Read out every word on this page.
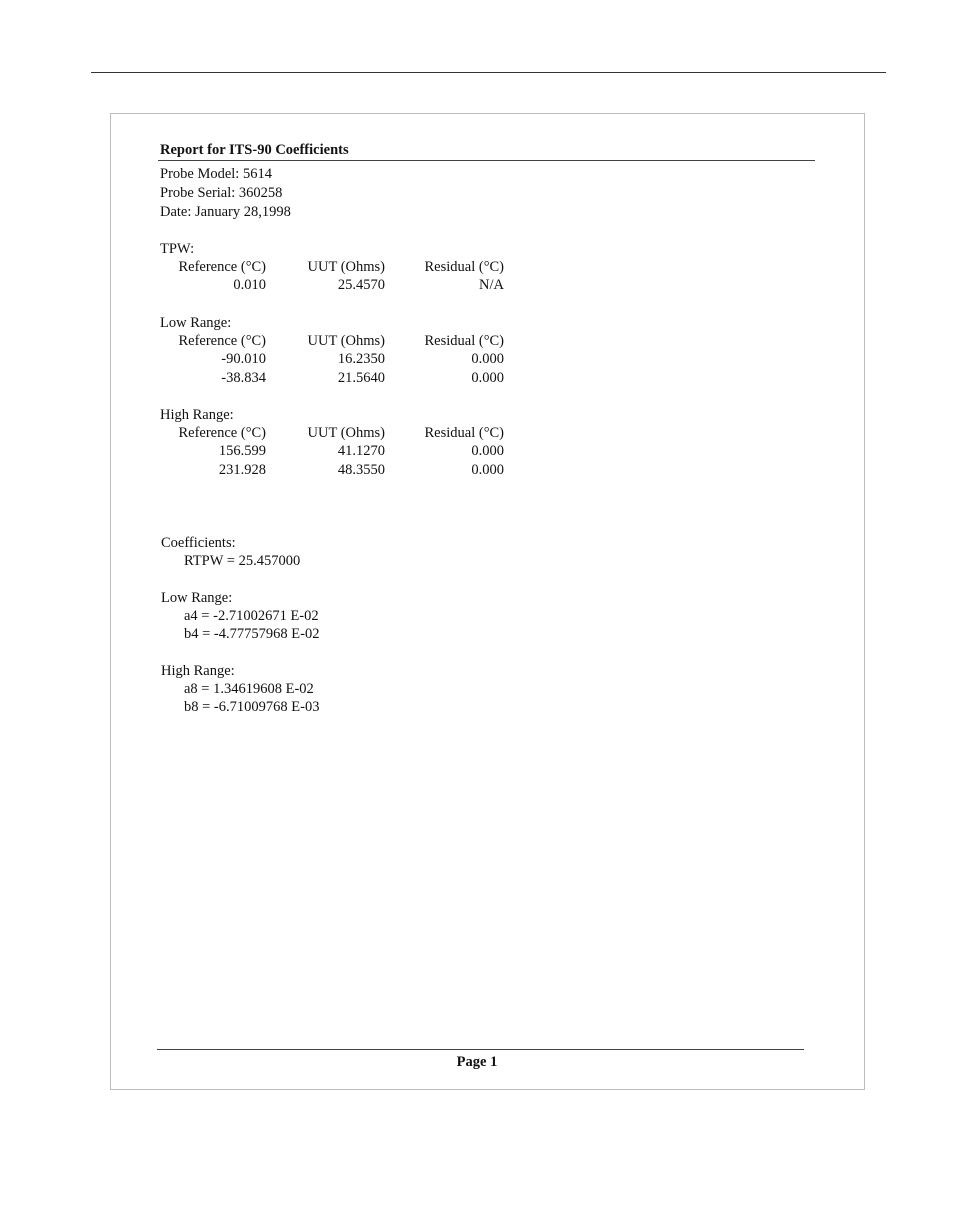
Report for ITS-90 Coefficients
Probe Model: 5614
Probe Serial: 360258
Date: January 28,1998
TPW:
Reference (°C)	UUT (Ohms)	Residual (°C)
0.010	25.4570	N/A
Low Range:
Reference (°C)	UUT (Ohms)	Residual (°C)
-90.010	16.2350	0.000
-38.834	21.5640	0.000
High Range:
Reference (°C)	UUT (Ohms)	Residual (°C)
156.599	41.1270	0.000
231.928	48.3550	0.000
Coefficients:
RTPW = 25.457000
Low Range:
a4 = -2.71002671 E-02
b4 = -4.77757968 E-02
High Range:
a8 = 1.34619608 E-02
b8 = -6.71009768 E-03
Page 1
